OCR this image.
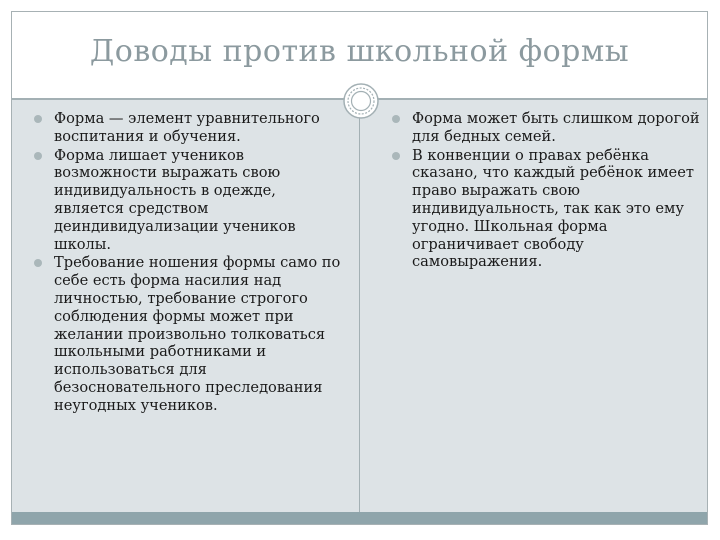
Доводы против школьной формы
Форма — элемент уравнительного воспитания и обучения.
Форма лишает учеников возможности выражать свою индивидуальность в одежде, является средством деиндивидуализации учеников школы.
Требование ношения формы само по себе есть форма насилия над личностью, требование строгого соблюдения формы может при желании произвольно толковаться школьными работниками и использоваться для безосновательного преследования неугодных учеников.
Форма может быть слишком дорогой для бедных семей.
В конвенции о правах ребёнка сказано, что каждый ребёнок имеет право выражать свою индивидуальность, так как это ему угодно. Школьная форма ограничивает свободу самовыражения.
